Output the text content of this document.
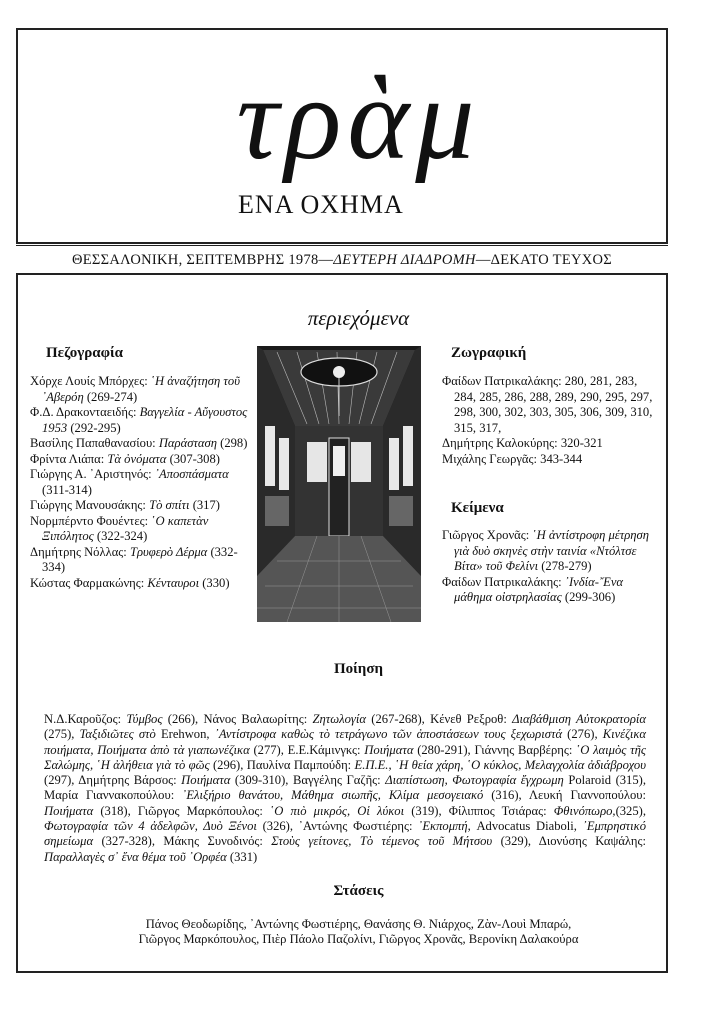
τρὰμ
ΕΝΑ ΟΧΗΜΑ
ΘΕΣΣΑΛΟΝΙΚΗ, ΣΕΠΤΕΜΒΡΗΣ 1978—ΔΕΥΤΕΡΗ ΔΙΑΔΡΟΜΗ—ΔΕΚΑΤΟ ΤΕΥΧΟΣ
περιεχόμενα
Πεζογραφία
Χόρχε Λουίς Μπόρχες: ῾Η ἀναζήτηση τοῦ ᾿Αβερόη (269-274)
Φ.Δ. Δρακονταειδής: Βαγγελία - Αὔγουστος 1953 (292-295)
Βασίλης Παπαθανασίου: Παράσταση (298)
Φρίντα Λιάπα: Τὰ ὀνόματα (307-308)
Γιώργης Α. ᾿Αριστηνός: ᾿Αποσπάσματα (311-314)
Γιώργης Μανουσάκης: Τὸ σπίτι (317)
Νορμπέρντο Φουέντες: ῾Ο καπετὰν Ξιπόλητος (322-324)
Δημήτρης Νόλλας: Τρυφερὸ Δέρμα (332-334)
Κώστας Φαρμακώνης: Κένταυροι (330)
Ζωγραφική
Φαίδων Πατρικαλάκης: 280, 281, 283, 284, 285, 286, 288, 289, 290, 295, 297, 298, 300, 302, 303, 305, 306, 309, 310, 315, 317,
Δημήτρης Καλοκύρης: 320-321
Μιχάλης Γεωργᾶς: 343-344
Κείμενα
Γιῶργος Χρονᾶς: ῾Η ἀντίστροφη μέτρηση γιὰ δυὸ σκηνὲς στὴν ταινία «Ντόλτσε Βίτα» τοῦ Φελίνι (278-279)
Φαίδων Πατρικαλάκης: ᾿Ινδία-῎Ενα μάθημα οἰστρηλασίας (299-306)
Ποίηση
Ν.Δ.Καροῦζος: Τύμβος (266), Νάνος Βαλαωρίτης: Ζητωλογία (267-268), Κένεθ Ρεξροθ: Διαβάθμιση Αὐτοκρατορία (275), Ταξιδιῶτες στὸ Erehwon, ᾿Αντίστροφα καθὼς τὸ τετράγωνο τῶν ἀποστάσεων τους ξεχωριστά (276), Κινέζικα ποιήματα, Ποιήματα ἀπὸ τὰ γιαπωνέζικα (277), Ε.Ε.Κάμινγκς: Ποιήματα (280-291), Γιάννης Βαρβέρης: ῾Ο λαιμὸς τῆς Σαλώμης, ῾Η ἀλήθεια γιὰ τὸ φῶς (296), Παυλίνα Παμπούδη: Ε.Π.Ε., ῾Η θεία χάρη, ῾Ο κύκλος, Μελαγχολία ἀδιάβροχου (297), Δημήτρης Βάρσος: Ποιήματα (309-310), Βαγγέλης Γαζῆς: Διαπίστωση, Φωτογραφία ἔγχρωμη Polaroid (315), Μαρία Γιαννακοπούλου: ᾿Ελιξήριο θανάτου, Μάθημα σιωπῆς, Κλίμα μεσογειακό (316), Λευκή Γιαννοπούλου: Ποιήματα (318), Γιῶργος Μαρκόπουλος: ῾Ο πιὸ μικρός, Οἱ λύκοι (319), Φίλιππος Τσιάρας: Φθινόπωρο,(325), Φωτογραφία τῶν 4 ἀδελφῶν, Δυὸ Ξένοι (326), ᾿Αντώνης Φωστιέρης: ᾿Εκπομπή, Advocatus Diaboli, ᾿Εμπρηστικό σημείωμα (327-328), Μάκης Συνοδινός: Στοὺς γείτονες, Τὸ τέμενος τοῦ Μήτσου (329), Διονύσης Καψάλης: Παραλλαγὲς σ᾿ ἕνα θέμα τοῦ ᾿Ορφέα (331)
Στάσεις
Πάνος Θεοδωρίδης, ᾿Αντώνης Φωστιέρης, Θανάσης Θ. Νιάρχος, Ζὰν-Λουὶ Μπαρώ,
Γιῶργος Μαρκόπουλος, Πιὲρ Πάολο Παζολίνι, Γιῶργος Χρονᾶς, Βερονίκη Δαλακούρα
